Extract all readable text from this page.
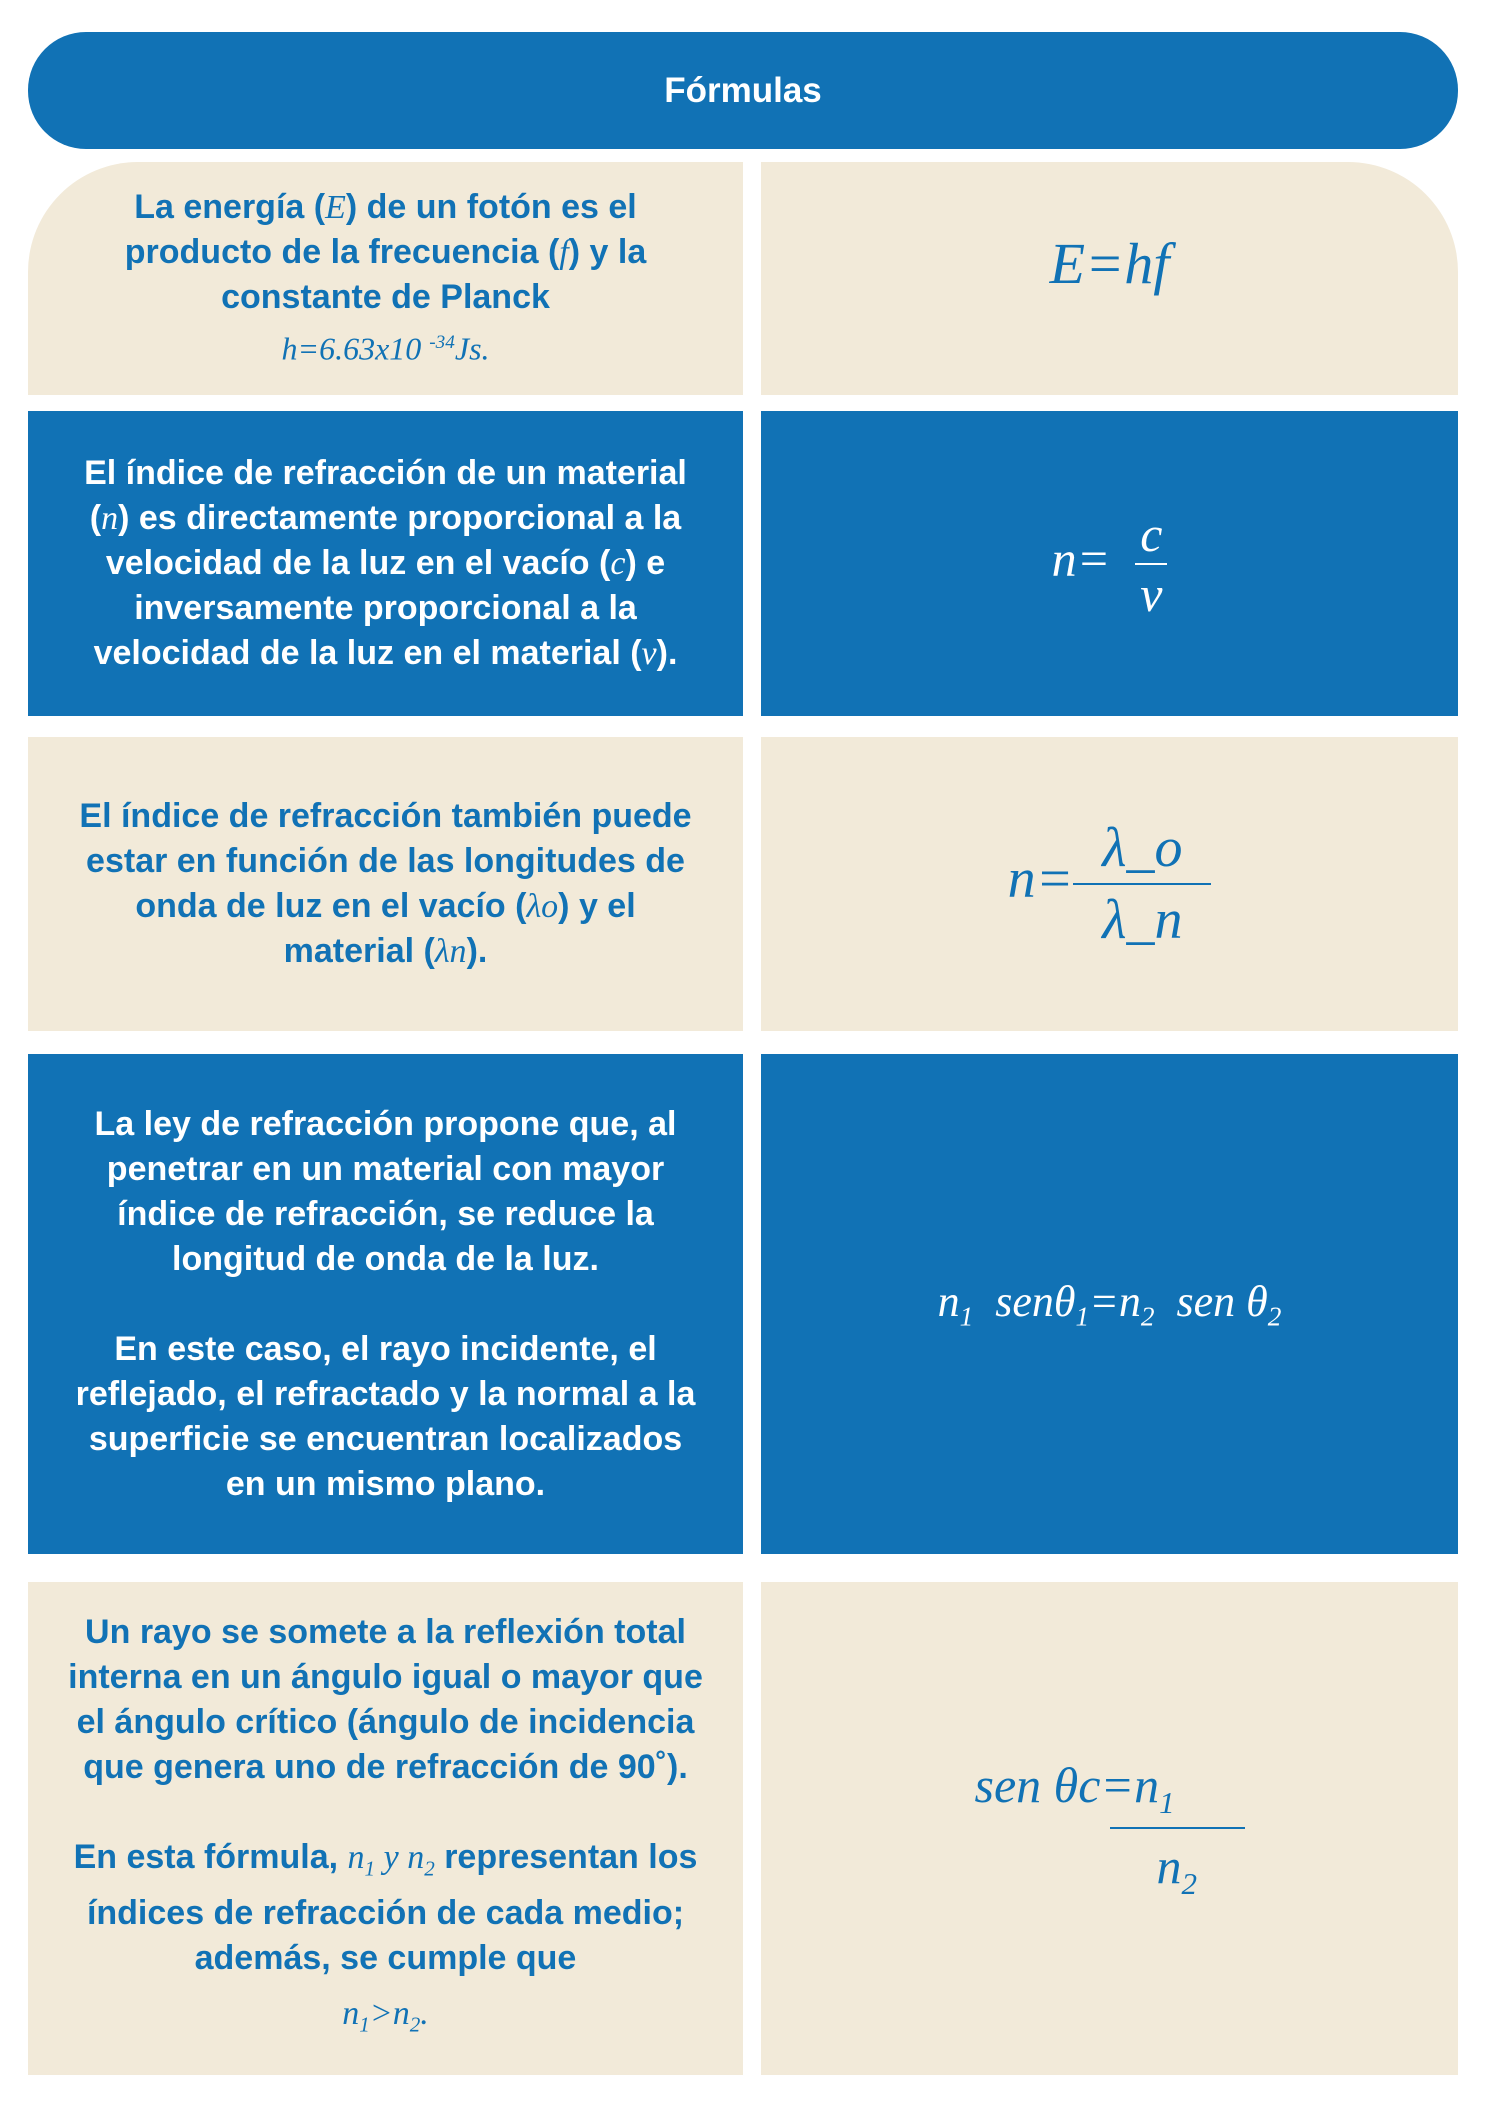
Fórmulas

La energía (E) de un fotón es el producto de la frecuencia (f) y la constante de Planck

h=6.63x10 $^{-34}$Js.

E=hf

El índice de refracción de un material (n) es directamente proporcional a la velocidad de la luz en el vacío (c) e inversamente proporcional a la velocidad de la luz en el material (v).

$n= \frac{c}{v}$

El índice de refracción también puede estar en función de las longitudes de onda de luz en el vacío (λo) y el material (λn).

$n= \frac{\lambda\_o}{\lambda\_n}$

La ley de refracción propone que, al penetrar en un material con mayor índice de refracción, se reduce la longitud de onda de la luz.

En este caso, el rayo incidente, el reflejado, el refractado y la normal a la superficie se encuentran localizados en un mismo plano.

$n_1$ $sen\theta_1=n_2$ sen $\theta_2$

Un rayo se somete a la reflexión total interna en un ángulo igual o mayor que el ángulo crítico (ángulo de incidencia que genera uno de refracción de 90˚).

En esta fórmula, $n_1$ y $n_2$ representan los índices de refracción de cada medio; además, se cumple que

$n_1>n_2$.

sen $\theta c=n_1$
$n_2$
